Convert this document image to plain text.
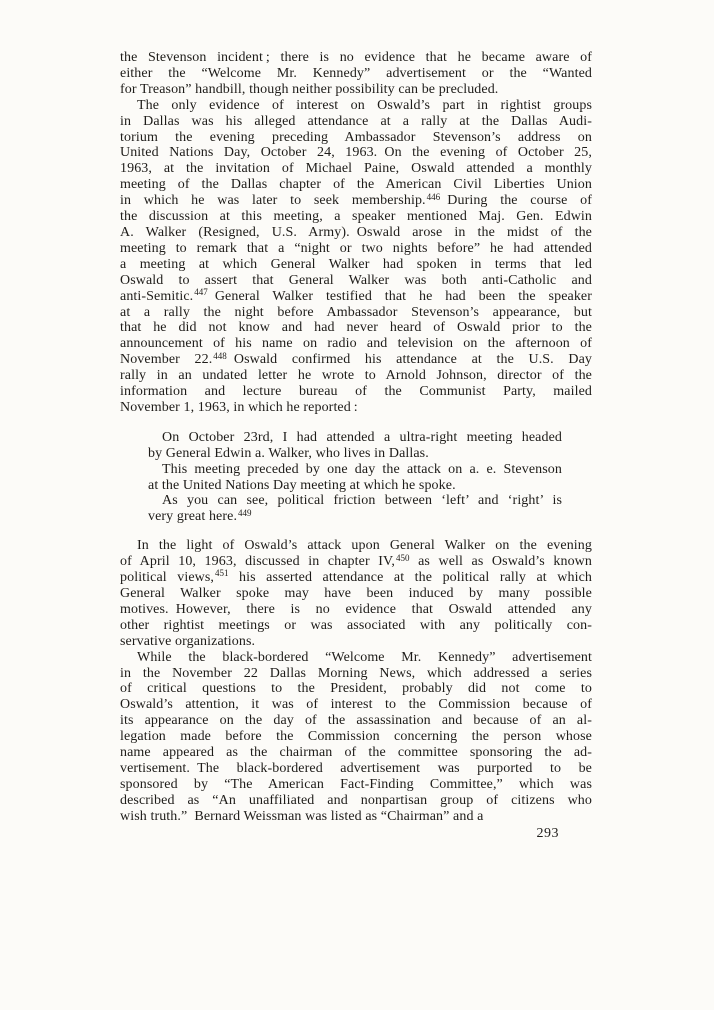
the Stevenson incident ; there is no evidence that he became aware of
either the “Welcome Mr. Kennedy” advertisement or the “Wanted
for Treason” handbill, though neither possibility can be precluded.
The only evidence of interest on Oswald’s part in rightist groups
in Dallas was his alleged attendance at a rally at the Dallas Audi-
torium the evening preceding Ambassador Stevenson’s address on
United Nations Day, October 24, 1963. On the evening of October 25,
1963, at the invitation of Michael Paine, Oswald attended a monthly
meeting of the Dallas chapter of the American Civil Liberties Union
in which he was later to seek membership.$^{446}$ During the course of
the discussion at this meeting, a speaker mentioned Maj. Gen. Edwin
A. Walker (Resigned, U.S. Army). Oswald arose in the midst of the
meeting to remark that a “night or two nights before” he had attended
a meeting at which General Walker had spoken in terms that led
Oswald to assert that General Walker was both anti-Catholic and
anti-Semitic.$^{447}$ General Walker testified that he had been the speaker
at a rally the night before Ambassador Stevenson’s appearance, but
that he did not know and had never heard of Oswald prior to the
announcement of his name on radio and television on the afternoon of
November 22.$^{448}$ Oswald confirmed his attendance at the U.S. Day
rally in an undated letter he wrote to Arnold Johnson, director of the
information and lecture bureau of the Communist Party, mailed
November 1, 1963, in which he reported :
On October 23rd, I had attended a ultra-right meeting headed
by General Edwin a. Walker, who lives in Dallas.
This meeting preceded by one day the attack on a. e. Stevenson
at the United Nations Day meeting at which he spoke.
As you can see, political friction between ‘left’ and ‘right’ is
very great here.$^{449}$
In the light of Oswald’s attack upon General Walker on the evening
of April 10, 1963, discussed in chapter IV,$^{450}$ as well as Oswald’s known
political views,$^{451}$ his asserted attendance at the political rally at which
General Walker spoke may have been induced by many possible
motives. However, there is no evidence that Oswald attended any
other rightist meetings or was associated with any politically con-
servative organizations.
While the black-bordered “Welcome Mr. Kennedy” advertisement
in the November 22 Dallas Morning News, which addressed a series
of critical questions to the President, probably did not come to
Oswald’s attention, it was of interest to the Commission because of
its appearance on the day of the assassination and because of an al-
legation made before the Commission concerning the person whose
name appeared as the chairman of the committee sponsoring the ad-
vertisement. The black-bordered advertisement was purported to be
sponsored by “The American Fact-Finding Committee,” which was
described as “An unaffiliated and nonpartisan group of citizens who
wish truth.” Bernard Weissman was listed as “Chairman” and a
293
